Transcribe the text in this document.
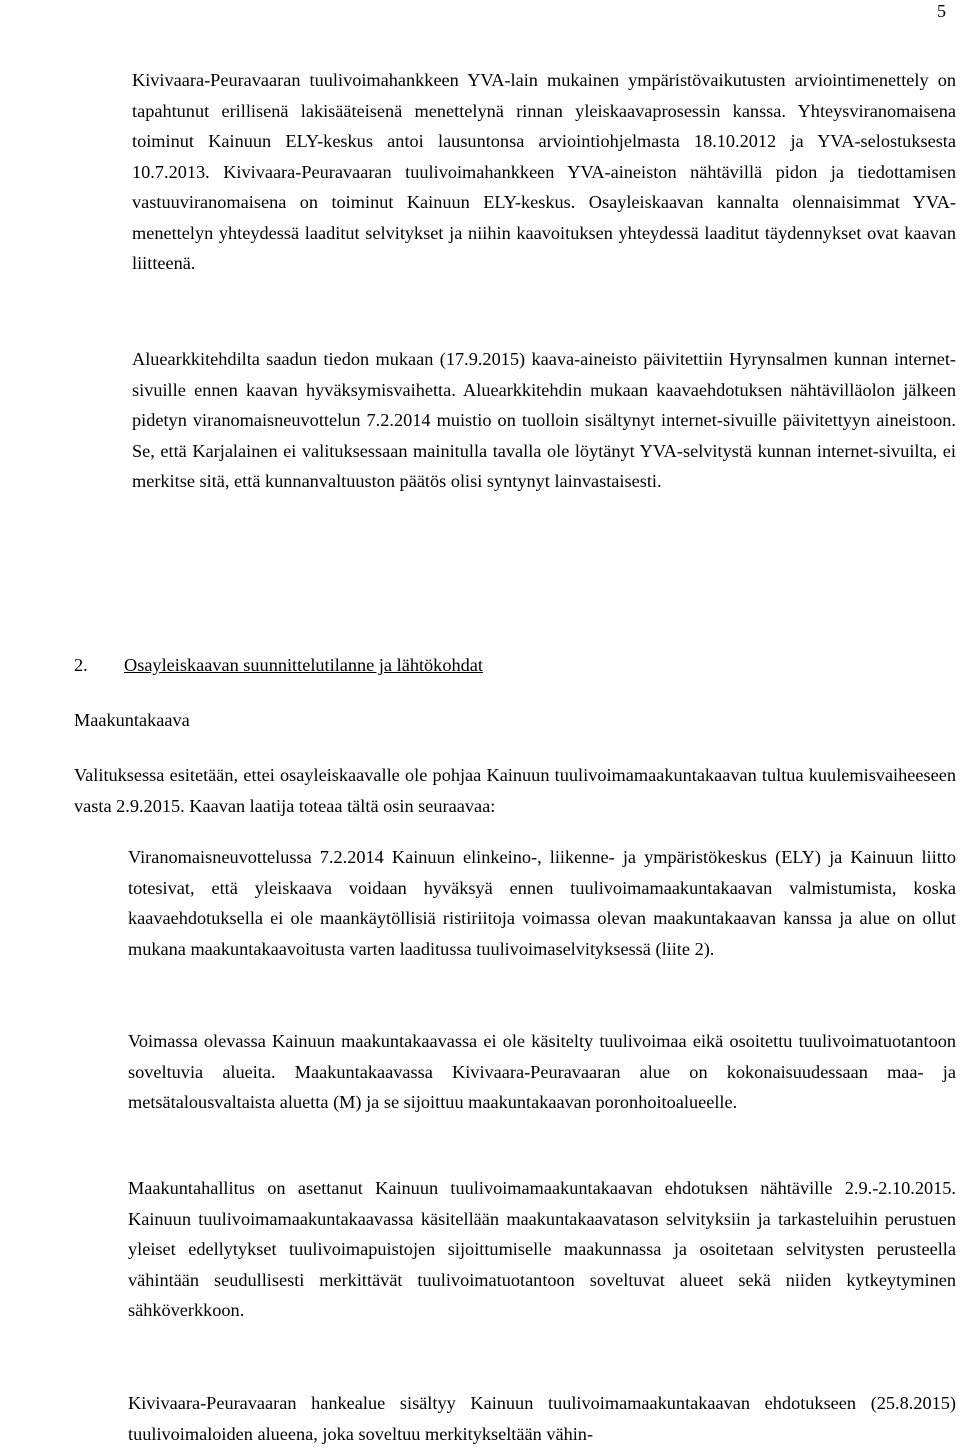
5

Kivivaara-Peuravaaran tuulivoimahankkeen YVA-lain mukainen ympäristövaikutusten arviointimenettely on tapahtunut erillisenä lakisääteisenä menettelynä rinnan yleiskaavaprosessin kanssa. Yhteysviranomaisena toiminut Kainuun ELY-keskus antoi lausuntonsa arviointiohjelmasta 18.10.2012 ja YVA-selostuksesta 10.7.2013. Kivivaara-Peuravaaran tuulivoimahankkeen YVA-aineiston nähtävillä pidon ja tiedottamisen vastuuviranomaisena on toiminut Kainuun ELY-keskus. Osayleiskaavan kannalta olennaisimmat YVA-menettelyn yhteydessä laaditut selvitykset ja niihin kaavoituksen yhteydessä laaditut täydennykset ovat kaavan liitteenä.

Aluearkkitehdilta saadun tiedon mukaan (17.9.2015) kaava-aineisto päivitettiin Hyrynsalmen kunnan internet-sivuille ennen kaavan hyväksymisvaihetta. Aluearkkitehdin mukaan kaavaehdotuksen nähtävilläolon jälkeen pidetyn viranomaisneuvottelun 7.2.2014 muistio on tuolloin sisältynyt internet-sivuille päivitettyyn aineistoon. Se, että Karjalainen ei valituksessaan mainitulla tavalla ole löytänyt YVA-selvitystä kunnan internet-sivuilta, ei merkitse sitä, että kunnanvaltuuston päätös olisi syntynyt lainvastaisesti.

2. Osayleiskaavan suunnittelutilanne ja lähtökohdat
Maakuntakaava

Valituksessa esitetään, ettei osayleiskaavalle ole pohjaa Kainuun tuulivoimamaakuntakaavan tultua kuulemisvaiheeseen vasta 2.9.2015. Kaavan laatija toteaa tältä osin seuraavaa:

Viranomaisneuvottelussa 7.2.2014 Kainuun elinkeino-, liikenne- ja ympäristökeskus (ELY) ja Kainuun liitto totesivat, että yleiskaava voidaan hyväksyä ennen tuulivoimamaakuntakaavan valmistumista, koska kaavaehdotuksella ei ole maankäytöllisiä ristiriitoja voimassa olevan maakuntakaavan kanssa ja alue on ollut mukana maakuntakaavoitusta varten laaditussa tuulivoimaselvityksessä (liite 2).

Voimassa olevassa Kainuun maakuntakaavassa ei ole käsitelty tuulivoimaa eikä osoitettu tuulivoimatuotantoon soveltuvia alueita. Maakuntakaavassa Kivivaara-Peuravaaran alue on kokonaisuudessaan maa- ja metsätalousvaltaista aluetta (M) ja se sijoittuu maakuntakaavan poronhoitoalueelle.

Maakuntahallitus on asettanut Kainuun tuulivoimamaakuntakaavan ehdotuksen nähtäville 2.9.-2.10.2015. Kainuun tuulivoimamaakuntakaavassa käsitellään maakuntakaavatason selvityksiin ja tarkasteluihin perustuen yleiset edellytykset tuulivoimapuistojen sijoittumiselle maakunnassa ja osoitetaan selvitysten perusteella vähintään seudullisesti merkittävät tuulivoimatuotantoon soveltuvat alueet sekä niiden kytkeytyminen sähköverkkoon.

Kivivaara-Peuravaaran hankealue sisältyy Kainuun tuulivoimamaakuntakaavan ehdotukseen (25.8.2015) tuulivoimaloiden alueena, joka soveltuu merkitykseltään vähin-
